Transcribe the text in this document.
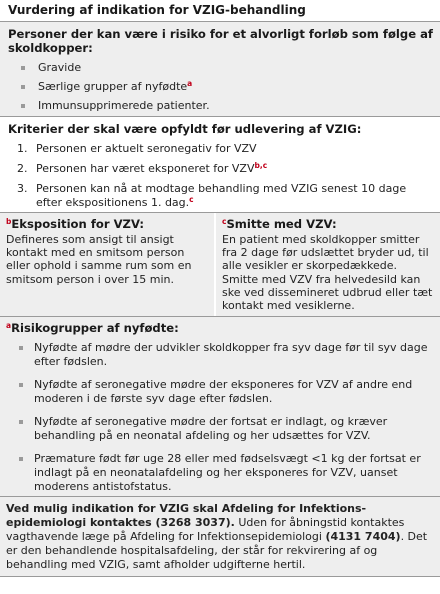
Vurdering af indikation for VZIG-behandling
Personer der kan være i risiko for et alvorligt forløb som følge af skoldkopper:
Gravide
Særlige grupper af nyfødte$^a$
Immunsupprimerede patienter.
Kriterier der skal være opfyldt før udlevering af VZIG:
1. Personen er aktuelt seronegativ for VZV
2. Personen har været eksponeret for VZV$^{b,c}$
3. Personen kan nå at modtage behandling med VZIG senest 10 dage efter ekspositionens 1. dag.$^c$
$^b$Eksposition for VZV:
Defineres som ansigt til ansigt kontakt med en smitsom person eller ophold i samme rum som en smitsom person i over 15 min.
$^c$Smitte med VZV:
En patient med skoldkopper smitter fra 2 dage før udslættet bryder ud, til alle vesikler er skorpedækkede. Smitte med VZV fra helvedesild kan ske ved dissemineret udbrud eller tæt kontakt med vesiklerne.
$^a$Risikogrupper af nyfødte:
Nyfødte af mødre der udvikler skoldkopper fra syv dage før til syv dage efter fødslen.
Nyfødte af seronegative mødre der eksponeres for VZV af andre end moderen i de første syv dage efter fødslen.
Nyfødte af seronegative mødre der fortsat er indlagt, og kræver behandling på en neonatal afdeling og her udsættes for VZV.
Præmature født før uge 28 eller med fødselsvægt <1 kg der fortsat er indlagt på en neonatalafdeling og her eksponeres for VZV, uanset moderens antistofstatus.
Ved mulig indikation for VZIG skal Afdeling for Infektions-epidemiologi kontaktes (3268 3037). Uden for åbningstid kontaktes vagthavende læge på Afdeling for Infektionsepidemiologi (4131 7404). Det er den behandlende hospitalsafdeling, der står for rekvirering af og behandling med VZIG, samt afholder udgifterne hertil.
